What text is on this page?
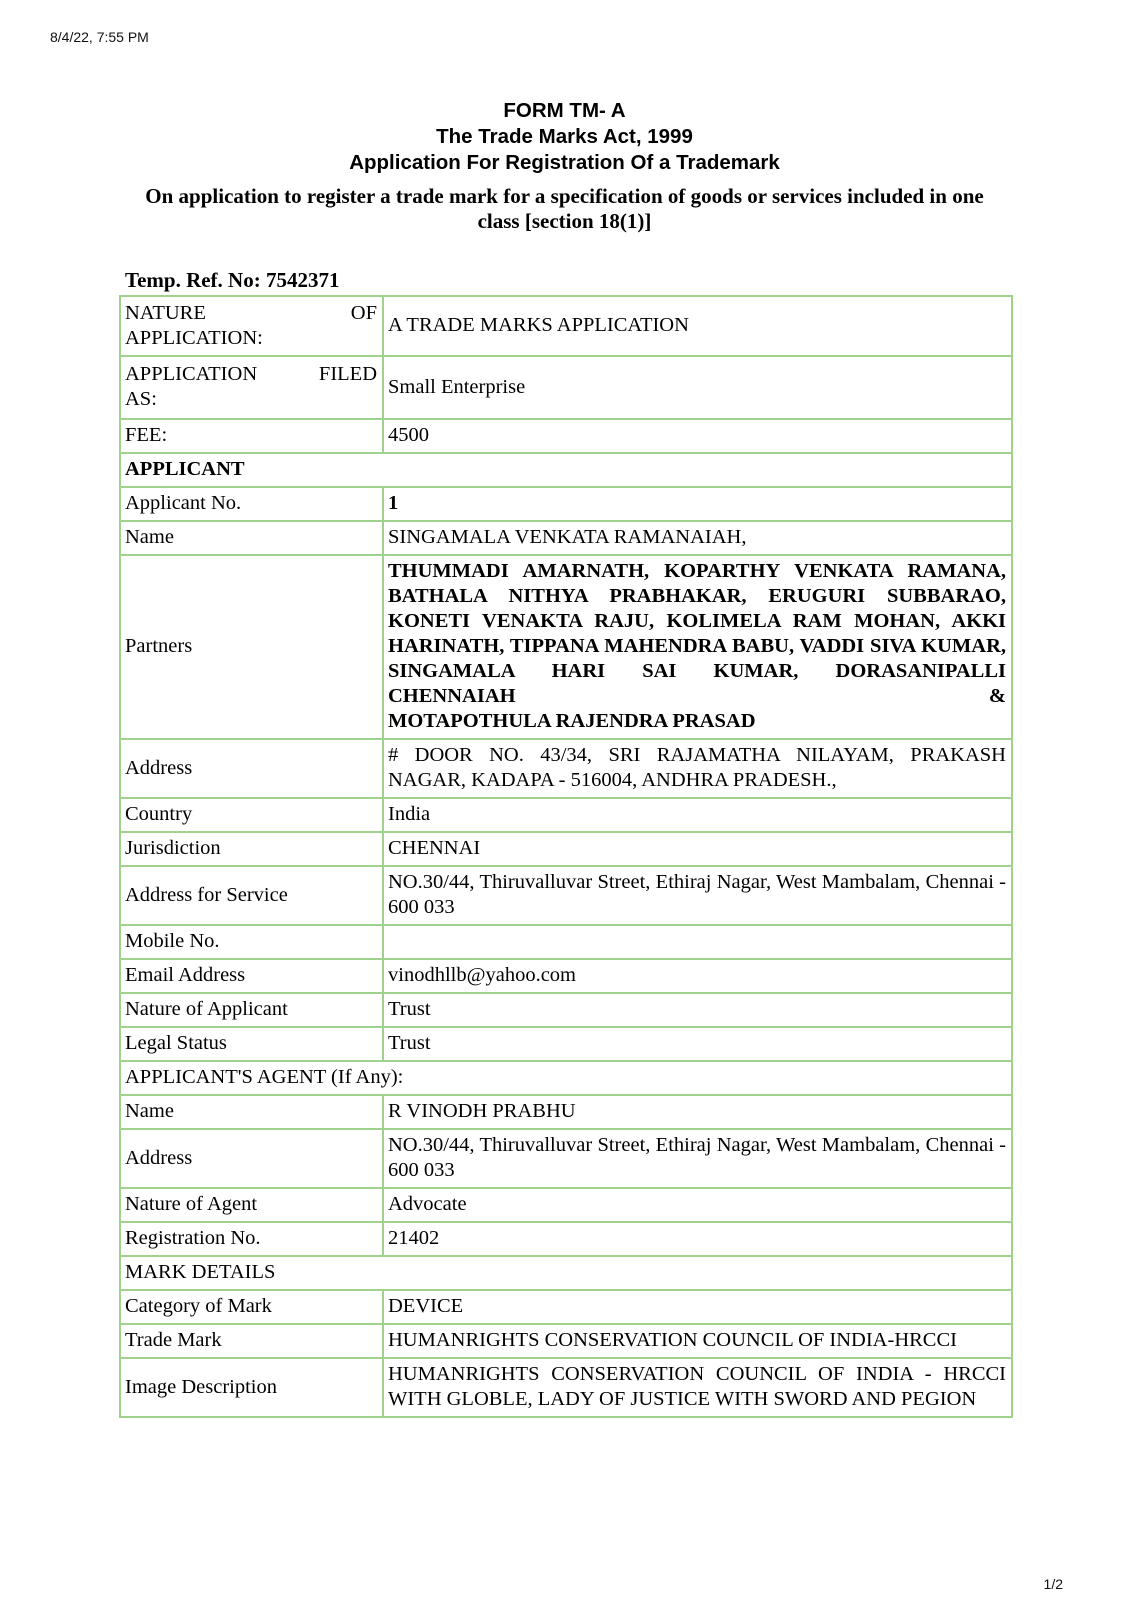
8/4/22, 7:55 PM
FORM TM- A
The Trade Marks Act, 1999
Application For Registration Of a Trademark
On application to register a trade mark for a specification of goods or services included in one class [section 18(1)]
Temp. Ref. No: 7542371
NATURE OF
APPLICATION:	A TRADE MARKS APPLICATION

APPLICATION FILED
AS:	Small Enterprise
FEE:	4500
APPLICANT	
Applicant No.	1
Name	SINGAMALA VENKATA RAMANAIAH,
Partners	THUMMADI AMARNATH, KOPARTHY VENKATA RAMANA, BATHALA NITHYA PRABHAKAR, ERUGURI SUBBARAO, KONETI VENAKTA RAJU, KOLIMELA RAM MOHAN, AKKI HARINATH, TIPPANA MAHENDRA BABU, VADDI SIVA KUMAR, SINGAMALA HARI SAI KUMAR, DORASANIPALLI CHENNAIAH &
MOTAPOTHULA RAJENDRA PRASAD
Address	# DOOR NO. 43/34, SRI RAJAMATHA NILAYAM, PRAKASH NAGAR, KADAPA - 516004, ANDHRA PRADESH.,
Country	India
Jurisdiction	CHENNAI
Address for Service	NO.30/44, Thiruvalluvar Street, Ethiraj Nagar, West Mambalam, Chennai - 600 033
Mobile No.	
Email Address	vinodhllb@yahoo.com
Nature of Applicant	Trust
Legal Status	Trust
APPLICANT'S AGENT (If Any):	
Name	R VINODH PRABHU
Address	NO.30/44, Thiruvalluvar Street, Ethiraj Nagar, West Mambalam, Chennai - 600 033
Nature of Agent	Advocate
Registration No.	21402
MARK DETAILS	
Category of Mark	DEVICE
Trade Mark	HUMANRIGHTS CONSERVATION COUNCIL OF INDIA-HRCCI
Image Description	HUMANRIGHTS CONSERVATION COUNCIL OF INDIA - HRCCI WITH GLOBLE, LADY OF JUSTICE WITH SWORD AND PEGION
1/2
